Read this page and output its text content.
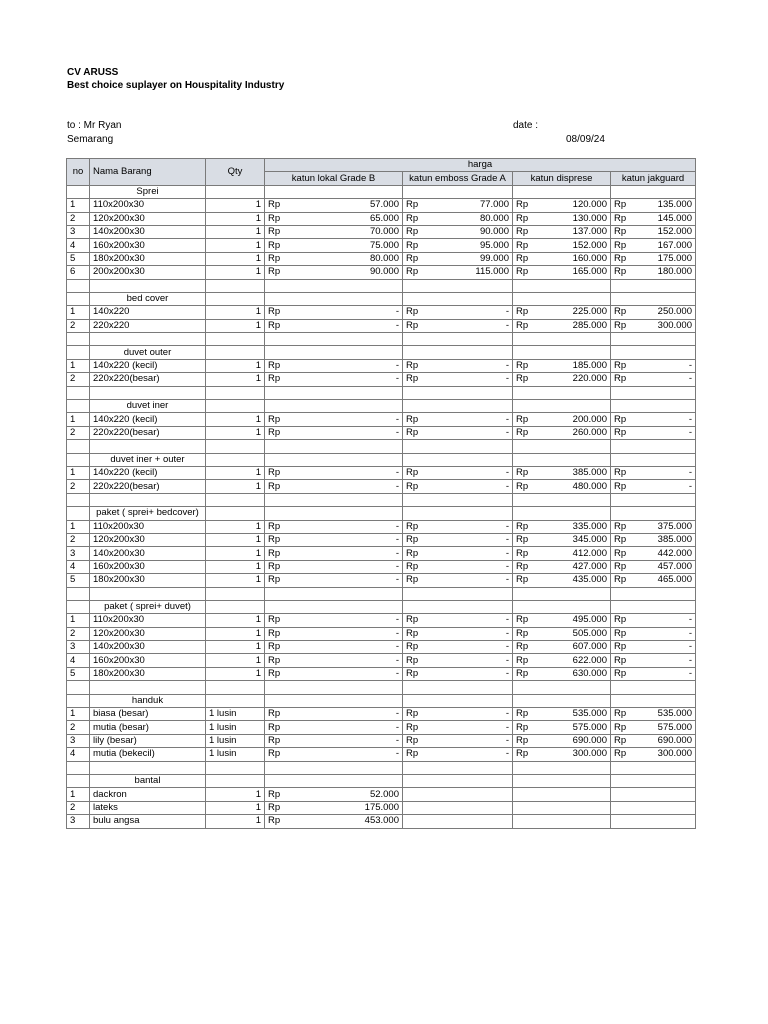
CV ARUSS
Best choice suplayer on Houspitality Industry
to : Mr Ryan
Semarang
date :
08/09/24
no	Nama Barang	Qty	harga			
			katun lokal Grade B	katun emboss Grade A	katun disprese	katun jakguard
	Sprei					
1	110x200x30	1	Rp 57.000	Rp 77.000	Rp 120.000	Rp 135.000

2	120x200x30	1	Rp 65.000	Rp 80.000	Rp 130.000	Rp 145.000

3	140x200x30	1	Rp 70.000	Rp 90.000	Rp 137.000	Rp 152.000

4	160x200x30	1	Rp 75.000	Rp 95.000	Rp 152.000	Rp 167.000

5	180x200x30	1	Rp 80.000	Rp 99.000	Rp 160.000	Rp 175.000

6	200x200x30	1	Rp 90.000	Rp 115.000	Rp 165.000	Rp 180.000

	bed cover					
1	140x220	1	Rp -	Rp -	Rp 225.000	Rp 250.000

2	220x220	1	Rp -	Rp -	Rp 285.000	Rp 300.000

	duvet outer					
1	140x220 (kecil)	1	Rp -	Rp -	Rp 185.000	Rp -

2	220x220(besar)	1	Rp -	Rp -	Rp 220.000	Rp -

	duvet iner					
1	140x220 (kecil)	1	Rp -	Rp -	Rp 200.000	Rp -

2	220x220(besar)	1	Rp -	Rp -	Rp 260.000	Rp -

	duvet iner + outer					
1	140x220 (kecil)	1	Rp -	Rp -	Rp 385.000	Rp -

2	220x220(besar)	1	Rp -	Rp -	Rp 480.000	Rp -

	paket ( sprei+ bedcover)					
1	110x200x30	1	Rp -	Rp -	Rp 335.000	Rp 375.000

2	120x200x30	1	Rp -	Rp -	Rp 345.000	Rp 385.000

3	140x200x30	1	Rp -	Rp -	Rp 412.000	Rp 442.000

4	160x200x30	1	Rp -	Rp -	Rp 427.000	Rp 457.000

5	180x200x30	1	Rp -	Rp -	Rp 435.000	Rp 465.000

	paket ( sprei+ duvet)					
1	110x200x30	1	Rp -	Rp -	Rp 495.000	Rp -

2	120x200x30	1	Rp -	Rp -	Rp 505.000	Rp -

3	140x200x30	1	Rp -	Rp -	Rp 607.000	Rp -

4	160x200x30	1	Rp -	Rp -	Rp 622.000	Rp -

5	180x200x30	1	Rp -	Rp -	Rp 630.000	Rp -

	handuk					
1	biasa (besar)	1 lusin	Rp -	Rp -	Rp 535.000	Rp 535.000

2	mutia (besar)	1 lusin	Rp -	Rp -	Rp 575.000	Rp 575.000

3	lily (besar)	1 lusin	Rp -	Rp -	Rp 690.000	Rp 690.000

4	mutia (bekecil)	1 lusin	Rp -	Rp -	Rp 300.000	Rp 300.000

	bantal					
1	dackron	1	Rp 52.000			

2	lateks	1	Rp 175.000			

3	bulu angsa	1	Rp 453.000			
